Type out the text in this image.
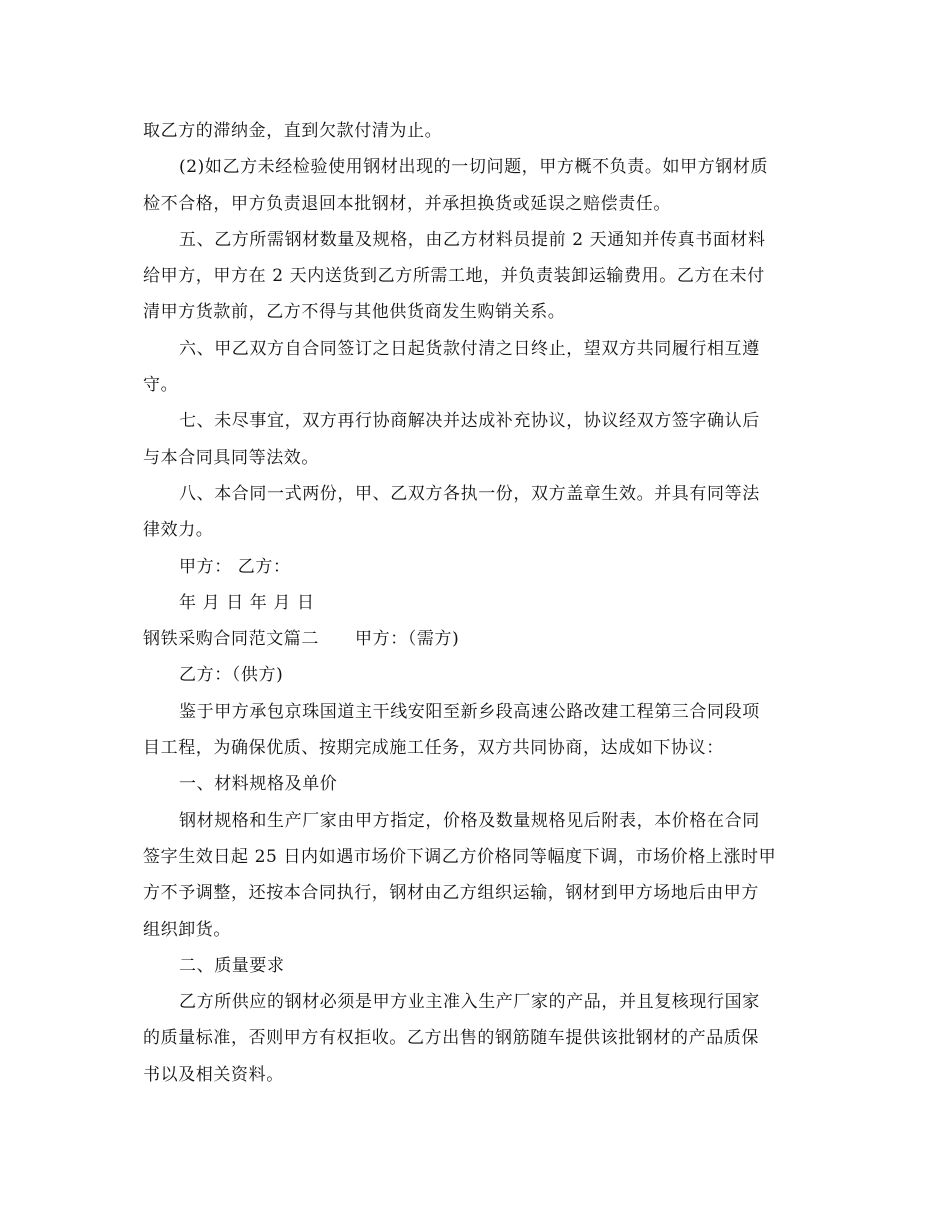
取乙方的滞纳金，直到欠款付清为止。
(2)如乙方未经检验使用钢材出现的一切问题，甲方概不负责。如甲方钢材质
检不合格，甲方负责退回本批钢材，并承担换货或延误之赔偿责任。
五、乙方所需钢材数量及规格，由乙方材料员提前 2 天通知并传真书面材料
给甲方，甲方在 2 天内送货到乙方所需工地，并负责装卸运输费用。乙方在未付
清甲方货款前，乙方不得与其他供货商发生购销关系。
六、甲乙双方自合同签订之日起货款付清之日终止，望双方共同履行相互遵
守。
七、未尽事宜，双方再行协商解决并达成补充协议，协议经双方签字确认后
与本合同具同等法效。
八、本合同一式两份，甲、乙双方各执一份，双方盖章生效。并具有同等法
律效力。
甲方： 乙方：
年 月 日 年 月 日
钢铁采购合同范文篇二 甲方：（需方)
乙方：（供方)
鉴于甲方承包京珠国道主干线安阳至新乡段高速公路改建工程第三合同段项
目工程，为确保优质、按期完成施工任务，双方共同协商，达成如下协议：
一、材料规格及单价
钢材规格和生产厂家由甲方指定，价格及数量规格见后附表，本价格在合同
签字生效日起 25 日内如遇市场价下调乙方价格同等幅度下调，市场价格上涨时甲
方不予调整，还按本合同执行，钢材由乙方组织运输，钢材到甲方场地后由甲方
组织卸货。
二、质量要求
乙方所供应的钢材必须是甲方业主准入生产厂家的产品，并且复核现行国家
的质量标准，否则甲方有权拒收。乙方出售的钢筋随车提供该批钢材的产品质保
书以及相关资料。
